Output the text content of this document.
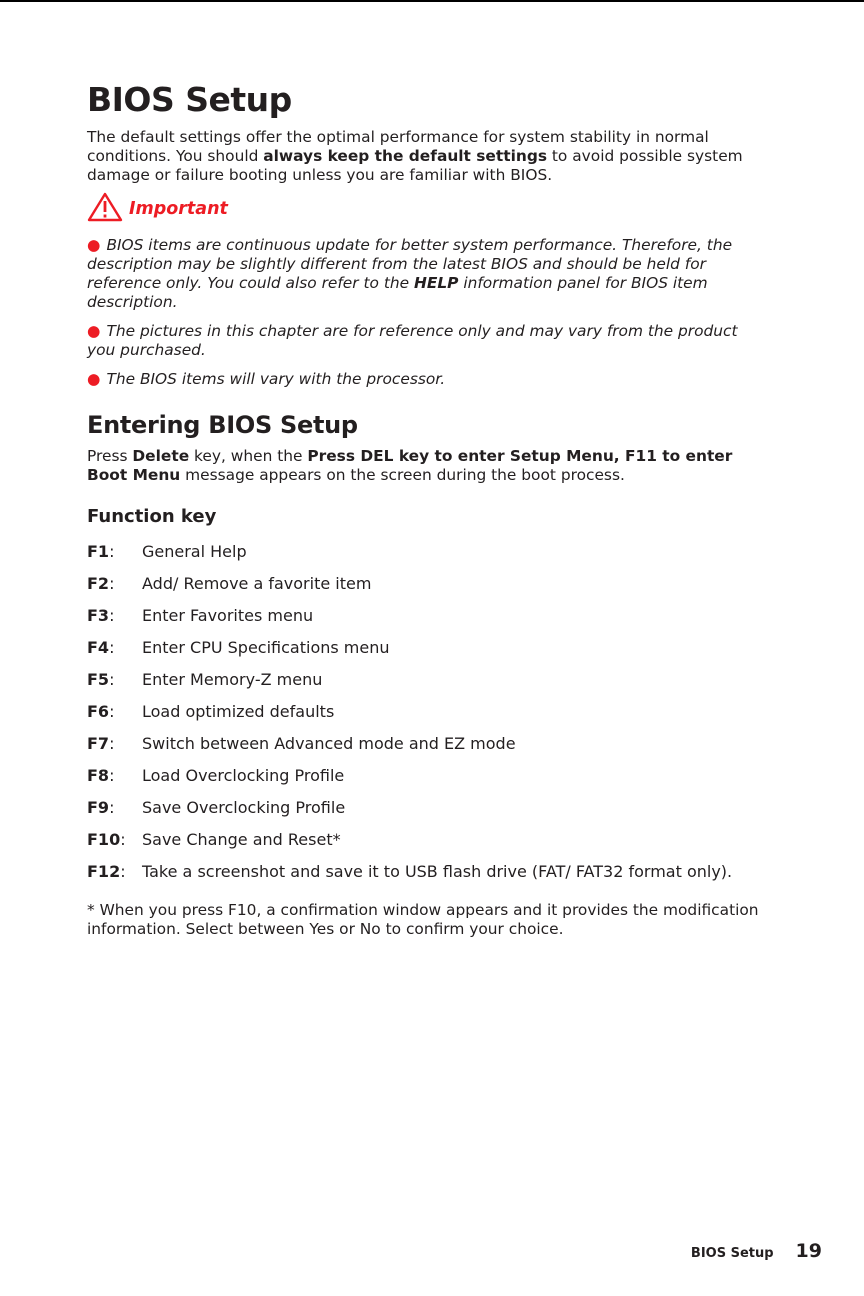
BIOS Setup

The default settings offer the optimal performance for system stability in normal conditions. You should always keep the default settings to avoid possible system damage or failure booting unless you are familiar with BIOS.

Important

● BIOS items are continuous update for better system performance. Therefore, the description may be slightly different from the latest BIOS and should be held for reference only. You could also refer to the HELP information panel for BIOS item description.

● The pictures in this chapter are for reference only and may vary from the product you purchased.

● The BIOS items will vary with the processor.

Entering BIOS Setup

Press Delete key, when the Press DEL key to enter Setup Menu, F11 to enter Boot Menu message appears on the screen during the boot process.

Function key
F1:	General Help
F2:	Add/ Remove a favorite item
F3:	Enter Favorites menu
F4:	Enter CPU Specifications menu
F5:	Enter Memory-Z menu
F6:	Load optimized defaults
F7:	Switch between Advanced mode and EZ mode
F8:	Load Overclocking Profile
F9:	Save Overclocking Profile
F10:	Save Change and Reset*
F12:	Take a screenshot and save it to USB flash drive (FAT/ FAT32 format only).

* When you press F10, a confirmation window appears and it provides the modification information. Select between Yes or No to confirm your choice.

BIOS Setup 19
